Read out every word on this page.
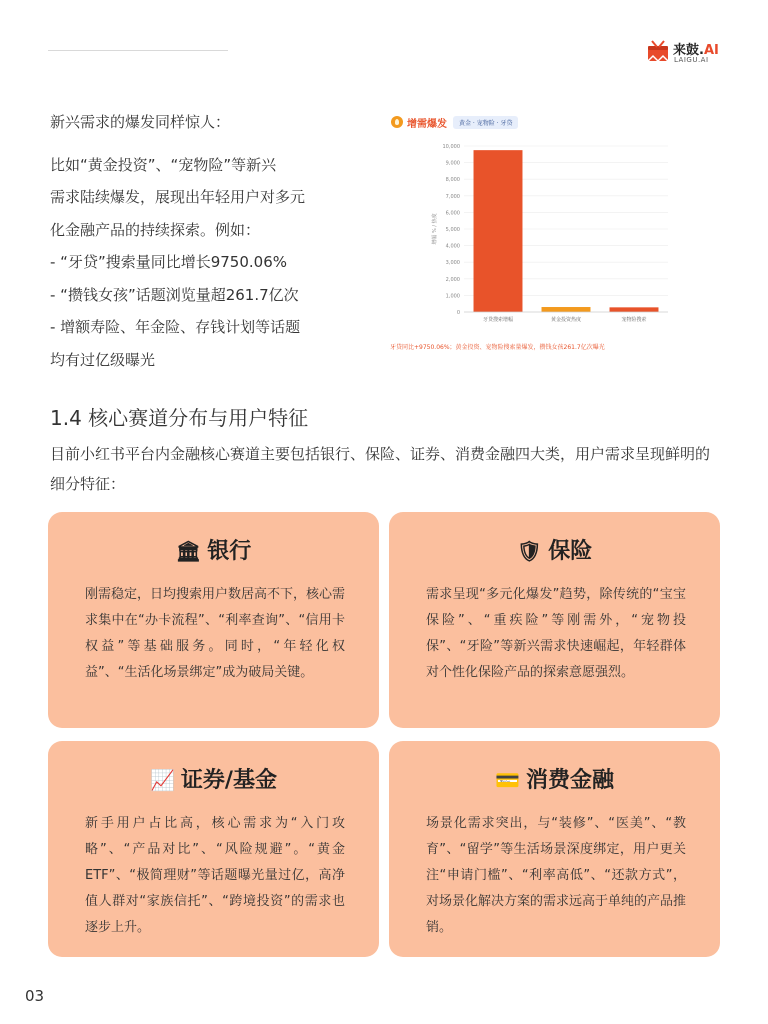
来鼓.AI
LAIGU.AI

新兴需求的爆发同样惊人：

比如“黄金投资”、“宠物险”等新兴

需求陆续爆发，展现出年轻用户对多元

化金融产品的持续探索。例如：

- “牙贷”搜索量同比增长9750.06%

- “攒钱女孩”话题浏览量超261.7亿次

- 增额寿险、年金险、存钱计划等话题

均有过亿级曝光

增需爆发	黄金 · 宠物险 · 牙贷
0
1,000
2,000
3,000
4,000
5,000
6,000
7,000
8,000
9,000
10,000
增幅 % / 热度
牙贷搜索增幅	黄金投资热度	宠物险搜索
牙贷同比+9750.06%；黄金投资、宠物险搜索量爆发，攒钱女孩261.7亿次曝光
1.4 核心赛道分布与用户特征
目前小红书平台内金融核心赛道主要包括银行、保险、证券、消费金融四大类，用户需求呈现鲜明的细分特征：
🏛 银行
刚需稳定，日均搜索用户数居高不下，核心需求集中在“办卡流程”、“利率查询”、“信用卡权益”等基础服务。同时，“年轻化权益”、“生活化场景绑定”成为破局关键。
🛡 保险
需求呈现“多元化爆发”趋势，除传统的“宝宝保险”、“重疾险”等刚需外，“宠物投保”、“牙险”等新兴需求快速崛起，年轻群体对个性化保险产品的探索意愿强烈。
📈 证券/基金
新手用户占比高，核心需求为“入门攻略”、“产品对比”、“风险规避”。“黄金ETF”、“极简理财”等话题曝光量过亿，高净值人群对“家族信托”、“跨境投资”的需求也逐步上升。
💳 消费金融
场景化需求突出，与“装修”、“医美”、“教育”、“留学”等生活场景深度绑定，用户更关注“申请门槛”、“利率高低”、“还款方式”，对场景化解决方案的需求远高于单纯的产品推销。
03
